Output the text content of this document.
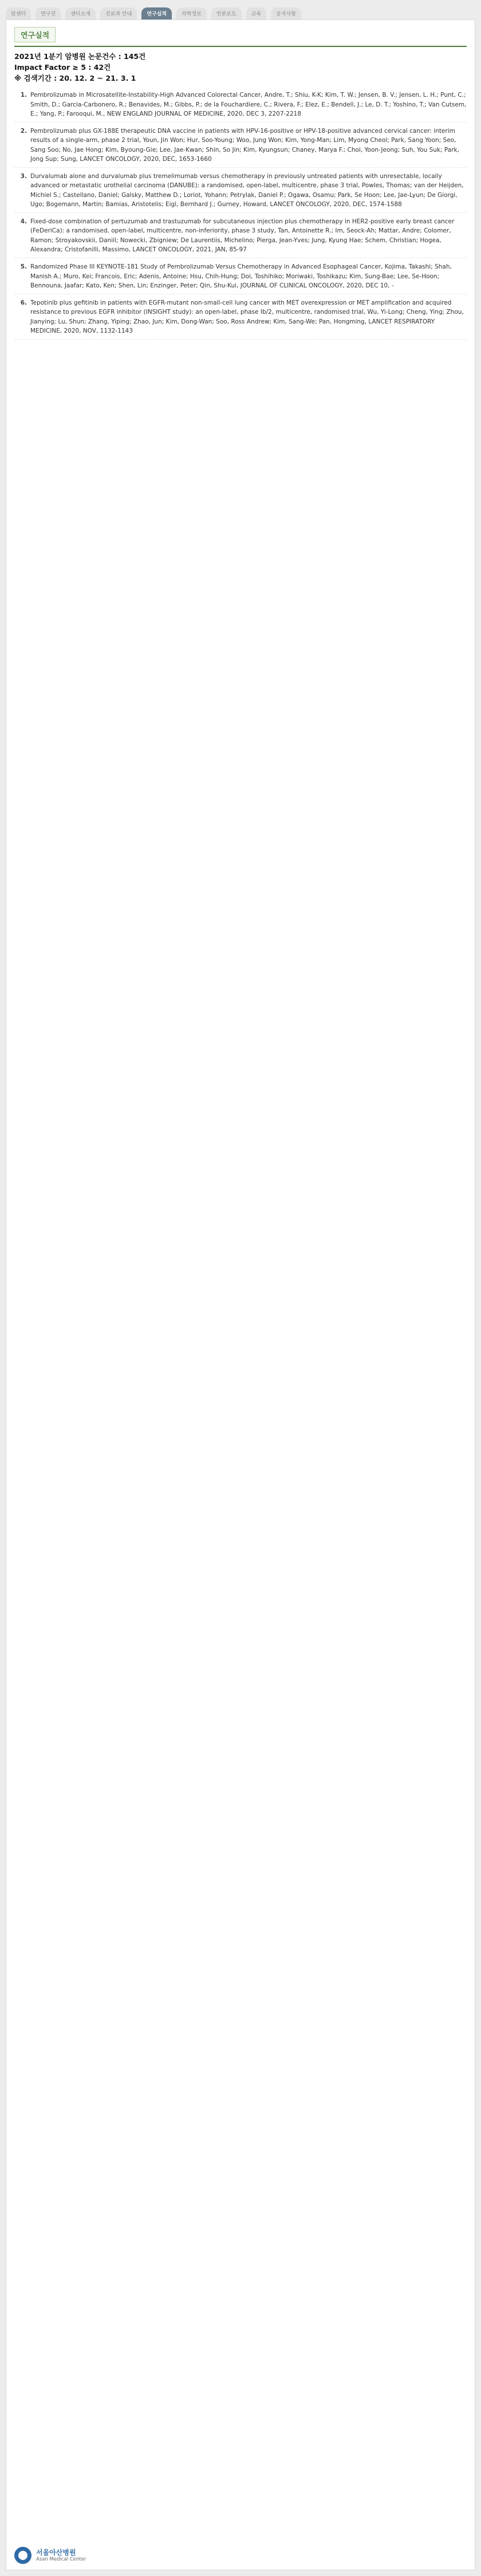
암센터	연구진	센터소개	진료과 안내	연구실적	의학정보	언론보도	교육	공지사항
연구실적
2021년 1분기 암병원 논문건수 : 145건
Impact Factor ≥ 5 : 42건
※ 검색기간 : 20. 12. 2 ~ 21. 3. 1
1. Pembrolizumab in Microsatellite-Instability-High Advanced Colorectal Cancer, Andre, T.; Shiu, K-K; Kim, T. W.; Jensen, B. V.; Jensen, L. H.; Punt, C.; Smith, D.; Garcia-Carbonero, R.; Benavides, M.; Gibbs, P.; de la Fouchardiere, C.; Rivera, F.; Elez, E.; Bendell, J.; Le, D. T.; Yoshino, T.; Van Cutsem, E.; Yang, P.; Farooqui, M., NEW ENGLAND JOURNAL OF MEDICINE, 2020, DEC 3, 2207-2218
2. Pembrolizumab plus GX-188E therapeutic DNA vaccine in patients with HPV-16-positive or HPV-18-positive advanced cervical cancer: interim results of a single-arm, phase 2 trial, Youn, Jin Won; Hur, Soo-Young; Woo, Jung Won; Kim, Yong-Man; Lim, Myong Cheol; Park, Sang Yoon; Seo, Sang Soo; No, Jae Hong; Kim, Byoung-Gie; Lee, Jae-Kwan; Shin, So Jin; Kim, Kyungsun; Chaney, Marya F.; Choi, Yoon-Jeong; Suh, You Suk; Park, Jong Sup; Sung, LANCET ONCOLOGY, 2020, DEC, 1653-1660
3. Durvalumab alone and durvalumab plus tremelimumab versus chemotherapy in previously untreated patients with unresectable, locally advanced or metastatic urothelial carcinoma (DANUBE): a randomised, open-label, multicentre, phase 3 trial, Powles, Thomas; van der Heijden, Michiel S.; Castellano, Daniel; Galsky, Matthew D.; Loriot, Yohann; Petrylak, Daniel P.; Ogawa, Osamu; Park, Se Hoon; Lee, Jae-Lyun; De Giorgi, Ugo; Bogemann, Martin; Bamias, Aristotelis; Eigl, Bernhard J.; Gurney, Howard, LANCET ONCOLOGY, 2020, DEC, 1574-1588
4. Fixed-dose combination of pertuzumab and trastuzumab for subcutaneous injection plus chemotherapy in HER2-positive early breast cancer (FeDeriCa): a randomised, open-label, multicentre, non-inferiority, phase 3 study, Tan, Antoinette R.; Im, Seock-Ah; Mattar, Andre; Colomer, Ramon; Stroyakovskii, Daniil; Nowecki, Zbigniew; De Laurentiis, Michelino; Pierga, Jean-Yves; Jung, Kyung Hae; Schem, Christian; Hogea, Alexandra; Cristofanilli, Massimo, LANCET ONCOLOGY, 2021, JAN, 85-97
5. Randomized Phase III KEYNOTE-181 Study of Pembrolizumab Versus Chemotherapy in Advanced Esophageal Cancer, Kojima, Takashi; Shah, Manish A.; Muro, Kei; Francois, Eric; Adenis, Antoine; Hsu, Chih-Hung; Doi, Toshihiko; Moriwaki, Toshikazu; Kim, Sung-Bae; Lee, Se-Hoon; Bennouna, Jaafar; Kato, Ken; Shen, Lin; Enzinger, Peter; Qin, Shu-Kui, JOURNAL OF CLINICAL ONCOLOGY, 2020, DEC 10, -
6. Tepotinib plus gefitinib in patients with EGFR-mutant non-small-cell lung cancer with MET overexpression or MET amplification and acquired resistance to previous EGFR inhibitor (INSIGHT study): an open-label, phase Ib/2, multicentre, randomised trial, Wu, Yi-Long; Cheng, Ying; Zhou, Jianying; Lu, Shun; Zhang, Yiping; Zhao, Jun; Kim, Dong-Wan; Soo, Ross Andrew; Kim, Sang-We; Pan, Hongming, LANCET RESPIRATORY MEDICINE, 2020, NOV, 1132-1143
서울아산병원
Asan Medical Center
